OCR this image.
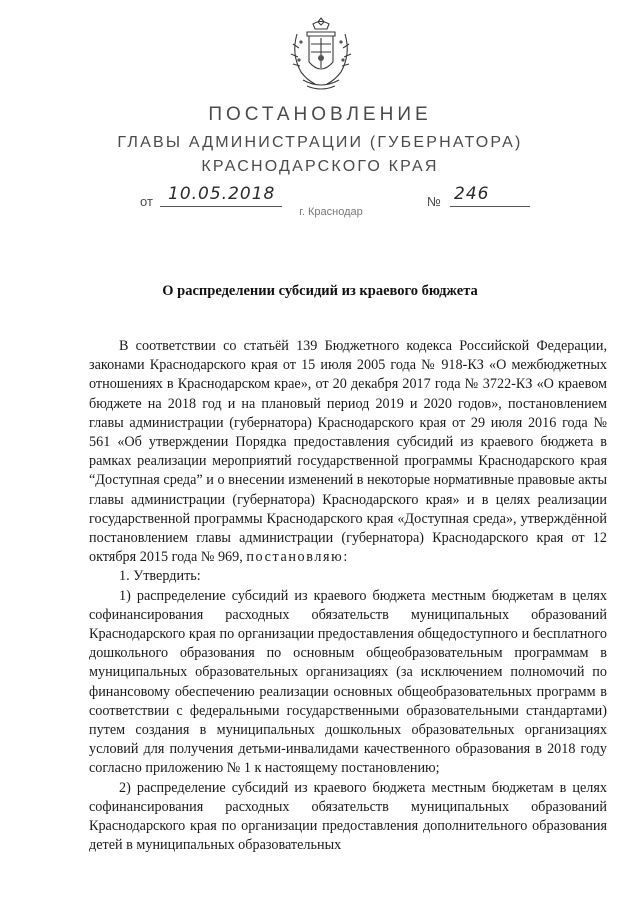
ПОСТАНОВЛЕНИЕ
ГЛАВЫ АДМИНИСТРАЦИИ (ГУБЕРНАТОРА)
КРАСНОДАРСКОГО КРАЯ
от 10.05.2018	№ 246
г. Краснодар
О распределении субсидий из краевого бюджета

В соответствии со статьёй 139 Бюджетного кодекса Российской Федерации, законами Краснодарского края от 15 июля 2005 года № 918-КЗ «О межбюджетных отношениях в Краснодарском крае», от 20 декабря 2017 года № 3722-КЗ «О краевом бюджете на 2018 год и на плановый период 2019 и 2020 годов», постановлением главы администрации (губернатора) Краснодарского края от 29 июля 2016 года № 561 «Об утверждении Порядка предоставления субсидий из краевого бюджета в рамках реализации мероприятий государственной программы Краснодарского края “Доступная среда” и о внесении изменений в некоторые нормативные правовые акты главы администрации (губернатора) Краснодарского края» и в целях реализации государственной программы Краснодарского края «Доступная среда», утверждённой постановлением главы администрации (губернатора) Краснодарского края от 12 октября 2015 года № 969, постановляю:

1. Утвердить:

1) распределение субсидий из краевого бюджета местным бюджетам в целях софинансирования расходных обязательств муниципальных образований Краснодарского края по организации предоставления общедоступного и бесплатного дошкольного образования по основным общеобразовательным программам в муниципальных образовательных организациях (за исключением полномочий по финансовому обеспечению реализации основных общеобразовательных программ в соответствии с федеральными государственными образовательными стандартами) путем создания в муниципальных дошкольных образовательных организациях условий для получения детьми-инвалидами качественного образования в 2018 году согласно приложению № 1 к настоящему постановлению;

2) распределение субсидий из краевого бюджета местным бюджетам в целях софинансирования расходных обязательств муниципальных образований Краснодарского края по организации предоставления дополнительного образования детей в муниципальных образовательных
